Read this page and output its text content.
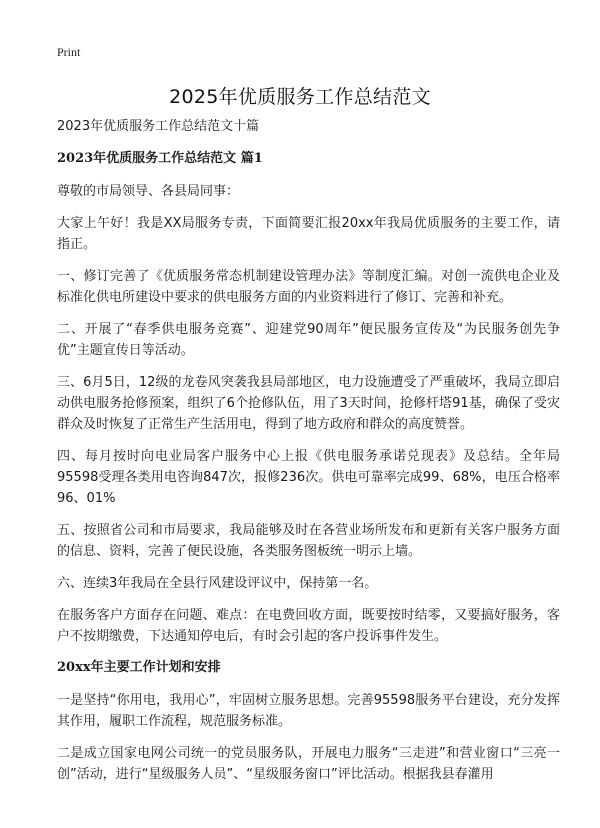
Print
2025年优质服务工作总结范文
2023年优质服务工作总结范文十篇
2023年优质服务工作总结范文 篇1

尊敬的市局领导、各县局同事：

大家上午好！我是XX局服务专责，下面简要汇报20xx年我局优质服务的主要工作，请指正。

一、修订完善了《优质服务常态机制建设管理办法》等制度汇编。对创一流供电企业及标准化供电所建设中要求的供电服务方面的内业资料进行了修订、完善和补充。

二、开展了“春季供电服务竞赛”、迎建党90周年”便民服务宣传及“为民服务创先争优”主题宣传日等活动。

三、6月5日，12级的龙卷风突袭我县局部地区，电力设施遭受了严重破坏，我局立即启动供电服务抢修预案，组织了6个抢修队伍，用了3天时间，抢修杆塔91基，确保了受灾群众及时恢复了正常生产生活用电，得到了地方政府和群众的高度赞誉。

四、每月按时向电业局客户服务中心上报《供电服务承诺兑现表》及总结。全年局95598受理各类用电咨询847次，报修236次。供电可靠率完成99、68%，电压合格率96、01%

五、按照省公司和市局要求，我局能够及时在各营业场所发布和更新有关客户服务方面的信息、资料，完善了便民设施，各类服务图板统一明示上墙。

六、连续3年我局在全县行风建设评议中，保持第一名。

在服务客户方面存在问题、难点：在电费回收方面，既要按时结零，又要搞好服务，客户不按期缴费，下达通知停电后，有时会引起的客户投诉事件发生。

20xx年主要工作计划和安排

一是坚持“你用电，我用心”，牢固树立服务思想。完善95598服务平台建设，充分发挥其作用，履职工作流程，规范服务标准。

二是成立国家电网公司统一的党员服务队，开展电力服务“三走进”和营业窗口“三亮一创”活动，进行“星级服务人员”、“星级服务窗口”评比活动。根据我县春灌用
